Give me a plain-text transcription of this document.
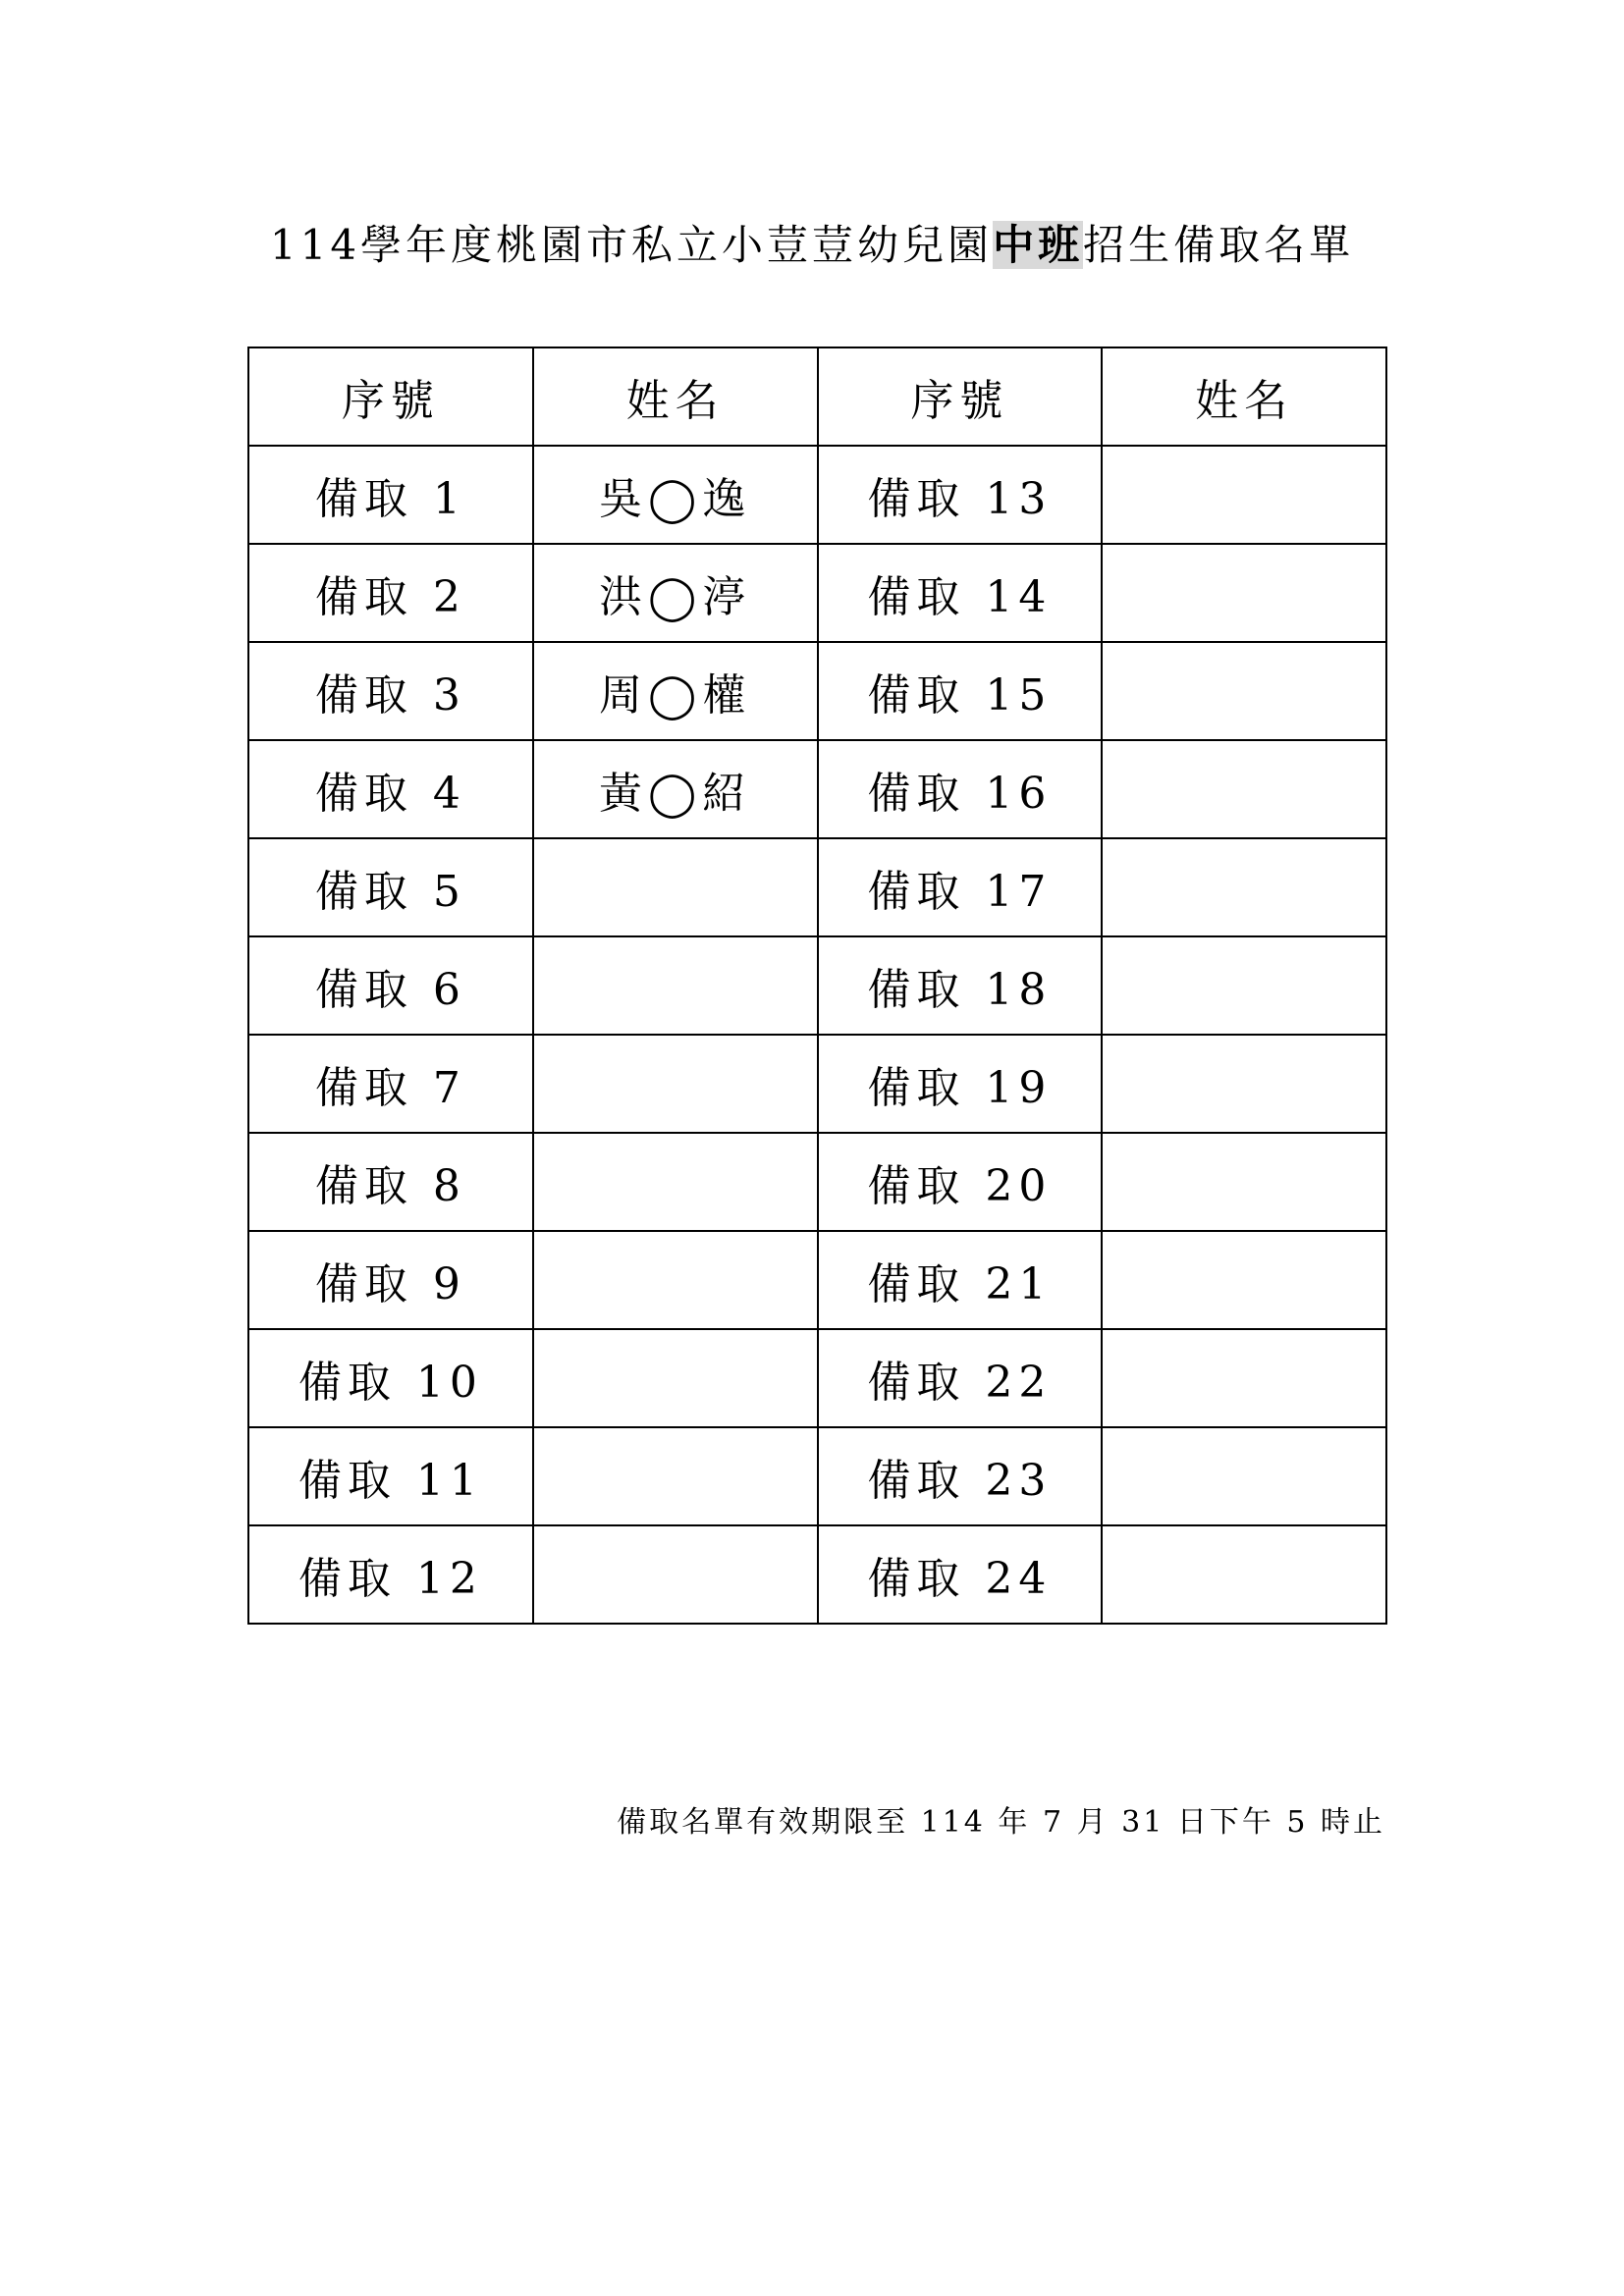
114學年度桃園市私立小荳荳幼兒園中班招生備取名單
序號	姓名	序號	姓名
備取 1	吳◯逸	備取 13	
備取 2	洪◯渟	備取 14	
備取 3	周◯權	備取 15	
備取 4	黃◯紹	備取 16	
備取 5		備取 17	
備取 6		備取 18	
備取 7		備取 19	
備取 8		備取 20	
備取 9		備取 21	
備取 10		備取 22	
備取 11		備取 23	
備取 12		備取 24	
備取名單有效期限至 114 年 7 月 31 日下午 5 時止
